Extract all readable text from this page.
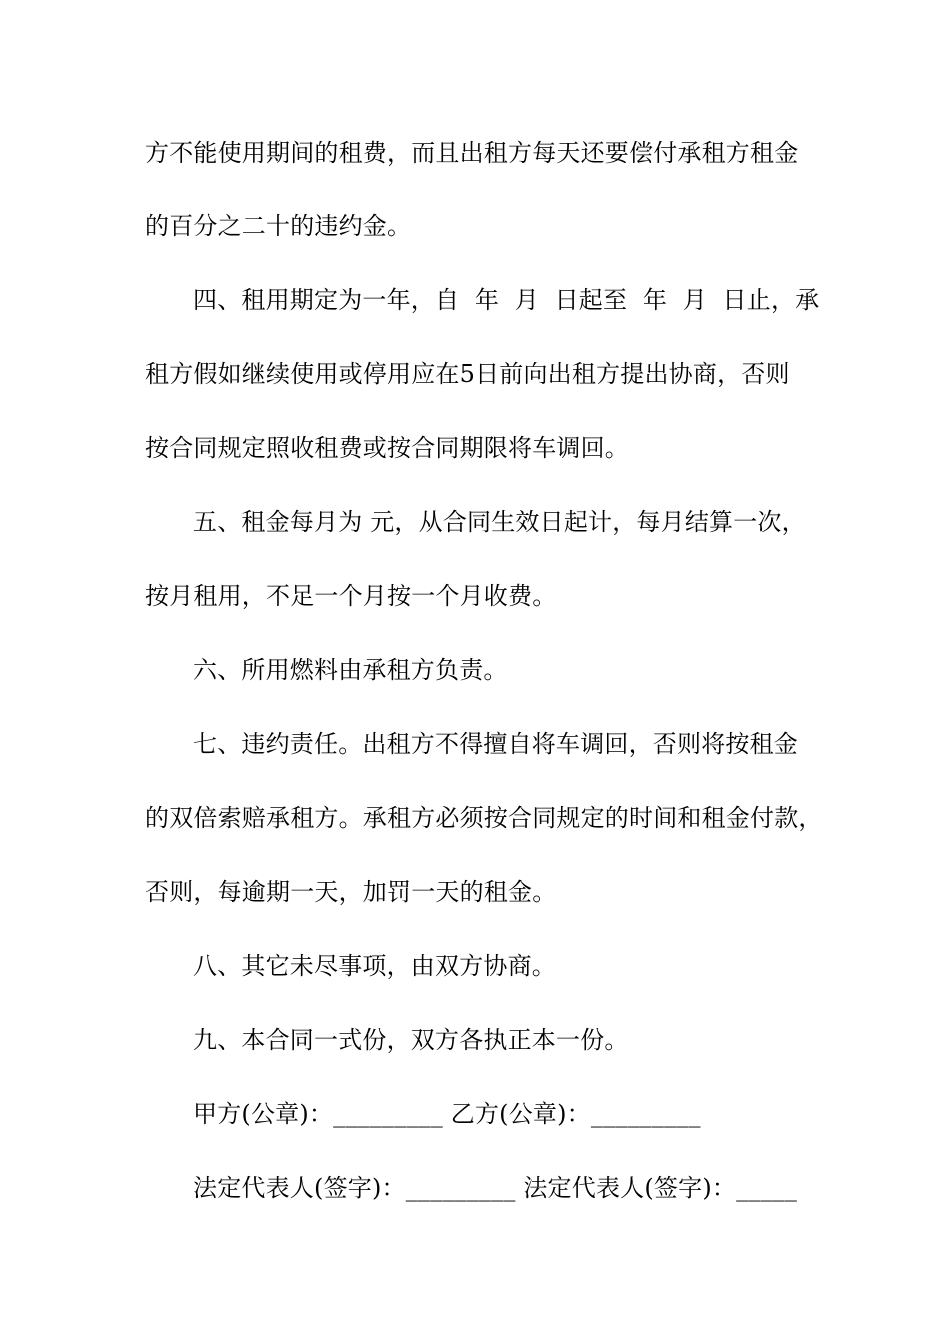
方不能使用期间的租费，而且出租方每天还要偿付承租方租金
的百分之二十的违约金。
四、租用期定为一年，自  年  月  日起至  年  月  日止，承
租方假如继续使用或停用应在5日前向出租方提出协商，否则
按合同规定照收租费或按合同期限将车调回。
五、租金每月为 元，从合同生效日起计，每月结算一次，
按月租用，不足一个月按一个月收费。
六、所用燃料由承租方负责。
七、违约责任。出租方不得擅自将车调回，否则将按租金
的双倍索赔承租方。承租方必须按合同规定的时间和租金付款，
否则，每逾期一天，加罚一天的租金。
八、其它未尽事项，由双方协商。
九、本合同一式份，双方各执正本一份。
甲方(公章)：_________ 乙方(公章)：_________
法定代表人(签字)：_________ 法定代表人(签字)：_____
